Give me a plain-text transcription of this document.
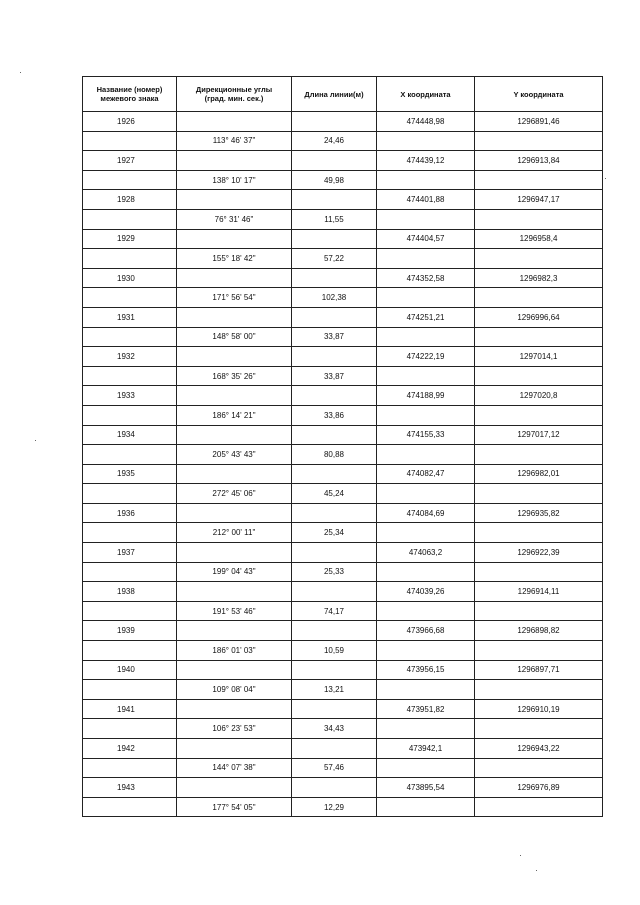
Название (номер)
межевого знака	Дирекционные углы
(град. мин. сек.)	Длина линии(м)	X координата	Y координата
1926			474448,98	1296891,46
	113° 46' 37"	24,46		
1927			474439,12	1296913,84
	138° 10' 17"	49,98		
1928			474401,88	1296947,17
	76° 31' 46"	11,55		
1929			474404,57	1296958,4
	155° 18' 42"	57,22		
1930			474352,58	1296982,3
	171° 56' 54"	102,38		
1931			474251,21	1296996,64
	148° 58' 00"	33,87		
1932			474222,19	1297014,1
	168° 35' 26"	33,87		
1933			474188,99	1297020,8
	186° 14' 21"	33,86		
1934			474155,33	1297017,12
	205° 43' 43"	80,88		
1935			474082,47	1296982,01
	272° 45' 06"	45,24		
1936			474084,69	1296935,82
	212° 00' 11"	25,34		
1937			474063,2	1296922,39
	199° 04' 43"	25,33		
1938			474039,26	1296914,11
	191° 53' 46"	74,17		
1939			473966,68	1296898,82
	186° 01' 03"	10,59		
1940			473956,15	1296897,71
	109° 08' 04"	13,21		
1941			473951,82	1296910,19
	106° 23' 53"	34,43		
1942			473942,1	1296943,22
	144° 07' 38"	57,46		
1943			473895,54	1296976,89
	177° 54' 05"	12,29		
